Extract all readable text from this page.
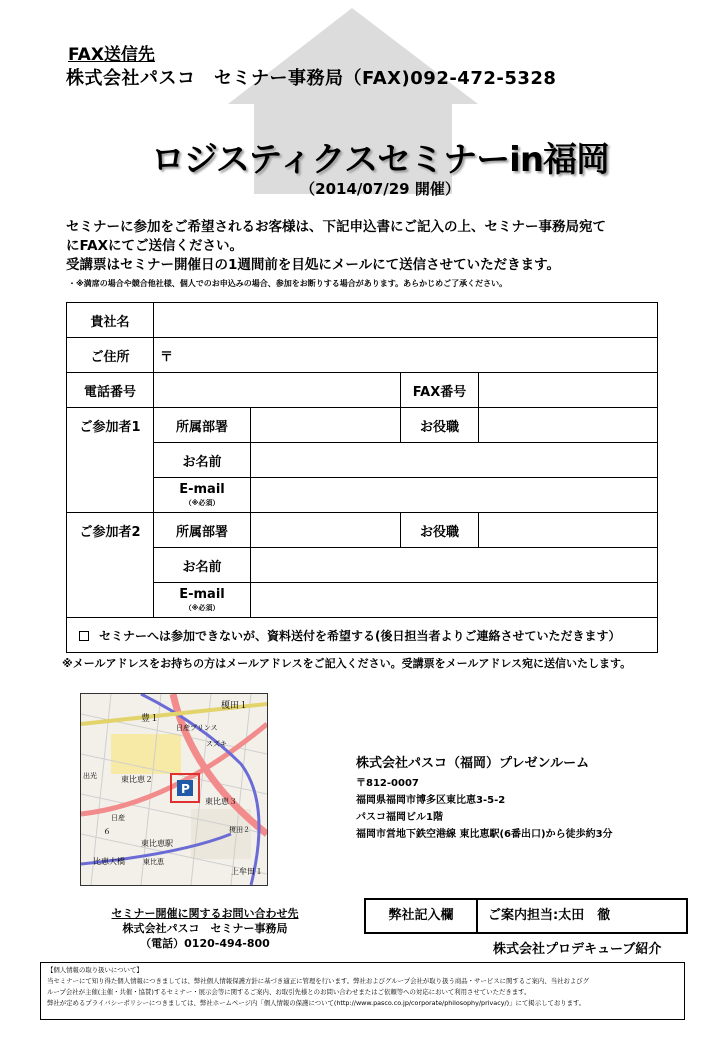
FAX送信先
株式会社パスコ　セミナー事務局（FAX)092-472-5328
ロジスティクスセミナーin福岡
（2014/07/29 開催）
セミナーに参加をご希望されるお客様は、下記申込書にご記入の上、セミナー事務局宛て
にFAXにてご送信ください。
受講票はセミナー開催日の1週間前を目処にメールにて送信させていただきます。
・※満席の場合や競合他社様、個人でのお申込みの場合、参加をお断りする場合があります。あらかじめご了承ください。
貴社名				
ご住所	〒			
電話番号			FAX番号	
ご参加者1	所属部署		お役職	
	お名前			
	E-mail
（※必須）			

ご参加者2	所属部署		お役職	
	お名前			
	E-mail
（※必須）			

セミナーへは参加できないが、資料送付を希望する(後日担当者よりご連絡させていただきます）				
※メールアドレスをお持ちの方はメールアドレスをご記入ください。受講票をメールアドレス宛に送信いたします。
P
榎田１
豊１
日産プリンス
スズキ
東比恵２
東比恵駅
東比恵３
比恵大橋
上牟田１
６
日産
出光
榎田２
東比恵
株式会社パスコ（福岡）プレゼンルーム
〒812-0007
福岡県福岡市博多区東比恵3-5-2
パスコ福岡ビル1階
福岡市営地下鉄空港線 東比恵駅(6番出口)から徒歩約3分
セミナー開催に関するお問い合わせ先
株式会社パスコ　セミナー事務局
（電話）0120-494-800
弊社記入欄	ご案内担当:太田　徹
株式会社プロデキューブ紹介
【個人情報の取り扱いについて】
当セミナーにて知り得た個人情報につきましては、弊社個人情報保護方針に基づき適正に管理を行います。弊社およびグループ会社が取り扱う商品・サービスに関するご案内、当社およびグ
ループ会社が主催(主催・共催・協賛)するセミナー・展示会等に関するご案内、お取引先様とのお問い合わせまたはご依頼等への対応において利用させていただきます。
弊社が定めるプライバシーポリシーにつきましては、弊社ホームページ内「個人情報の保護について(http://www.pasco.co.jp/corporate/philosophy/privacy/)」にて掲示しております。
